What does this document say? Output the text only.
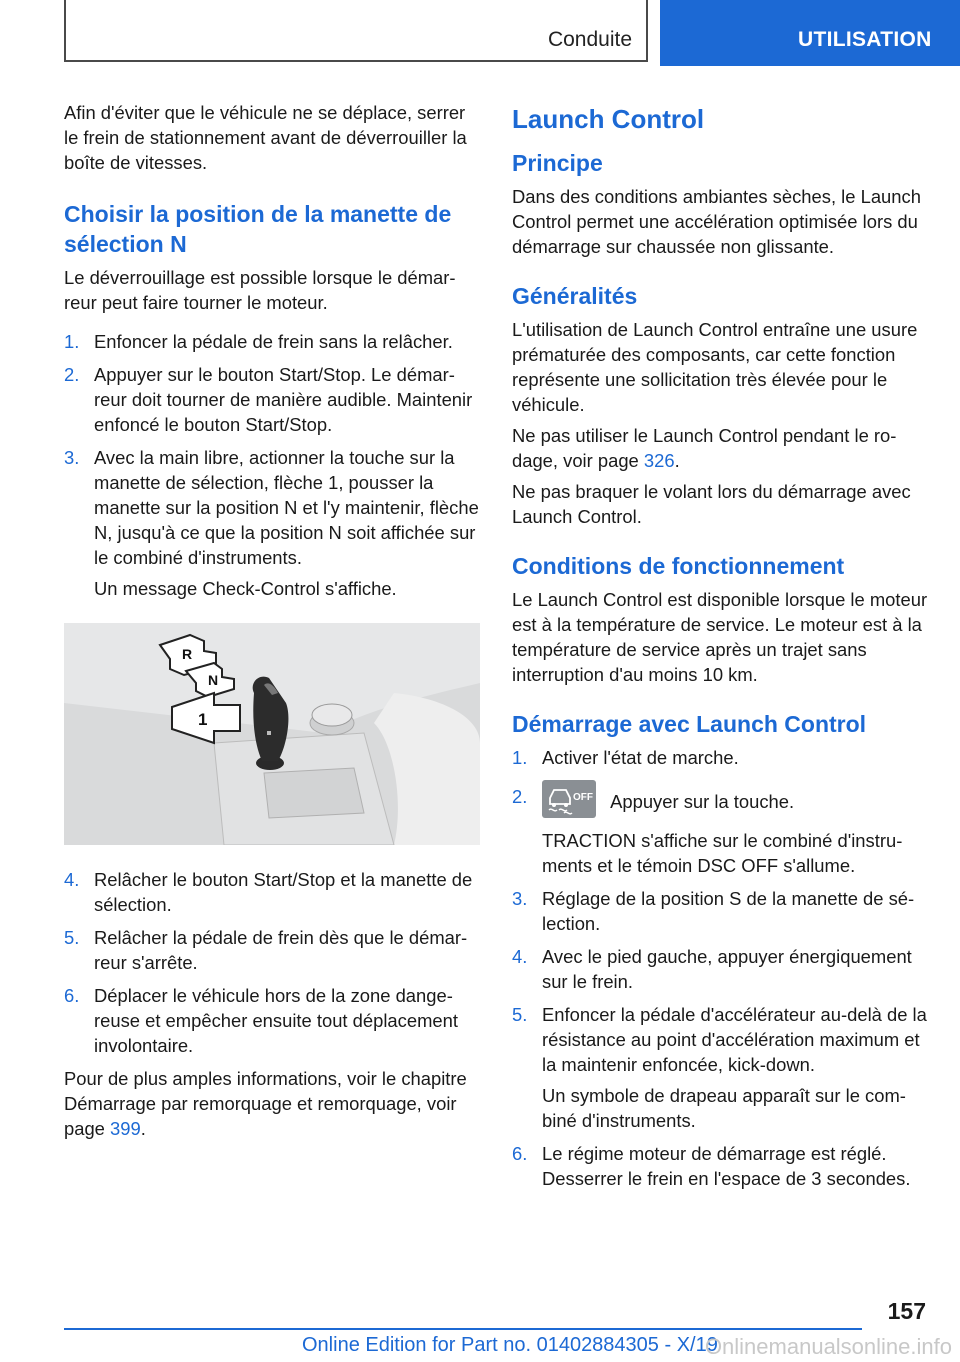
Conduite	UTILISATION

Afin d'éviter que le véhicule ne se déplace, serrer le frein de stationnement avant de déverrouiller la boîte de vitesses.

Choisir la position de la manette de sélection N

Le déverrouillage est possible lorsque le démarreur peut faire tourner le moteur.

1. Enfoncer la pédale de frein sans la relâcher.
2. Appuyer sur le bouton Start/Stop. Le démarreur doit tourner de manière audible. Maintenir enfoncé le bouton Start/Stop.
3. Avec la main libre, actionner la touche sur la manette de sélection, flèche 1, pousser la manette sur la position N et l'y maintenir, flèche N, jusqu'à ce que la position N soit affichée sur le combiné d'instruments.
Un message Check-Control s'affiche.
R
N
1
4. Relâcher le bouton Start/Stop et la manette de sélection.
5. Relâcher la pédale de frein dès que le démarreur s'arrête.
6. Déplacer le véhicule hors de la zone dangereuse et empêcher ensuite tout déplacement involontaire.

Pour de plus amples informations, voir le chapitre Démarrage par remorquage et remorquage, voir page 399.

Launch Control
Principe

Dans des conditions ambiantes sèches, le Launch Control permet une accélération optimisée lors du démarrage sur chaussée non glissante.

Généralités

L'utilisation de Launch Control entraîne une usure prématurée des composants, car cette fonction représente une sollicitation très élevée pour le véhicule.

Ne pas utiliser le Launch Control pendant le rodage, voir page 326.

Ne pas braquer le volant lors du démarrage avec Launch Control.

Conditions de fonctionnement

Le Launch Control est disponible lorsque le moteur est à la température de service. Le moteur est à la température de service après un trajet sans interruption d'au moins 10 km.

Démarrage avec Launch Control
1. Activer l'état de marche.
2.	OFF Appuyer sur la touche.
TRACTION s'affiche sur le combiné d'instruments et le témoin DSC OFF s'allume.
3. Réglage de la position S de la manette de sélection.
4. Avec le pied gauche, appuyer énergiquement sur le frein.
5. Enfoncer la pédale d'accélérateur au-delà de la résistance au point d'accélération maximum et la maintenir enfoncée, kick-down.
Un symbole de drapeau apparaît sur le combiné d'instruments.
6. Le régime moteur de démarrage est réglé. Desserrer le frein en l'espace de 3 secondes.
157
Online Edition for Part no. 01402884305 - X/19
Onlinemanualsonline.info
